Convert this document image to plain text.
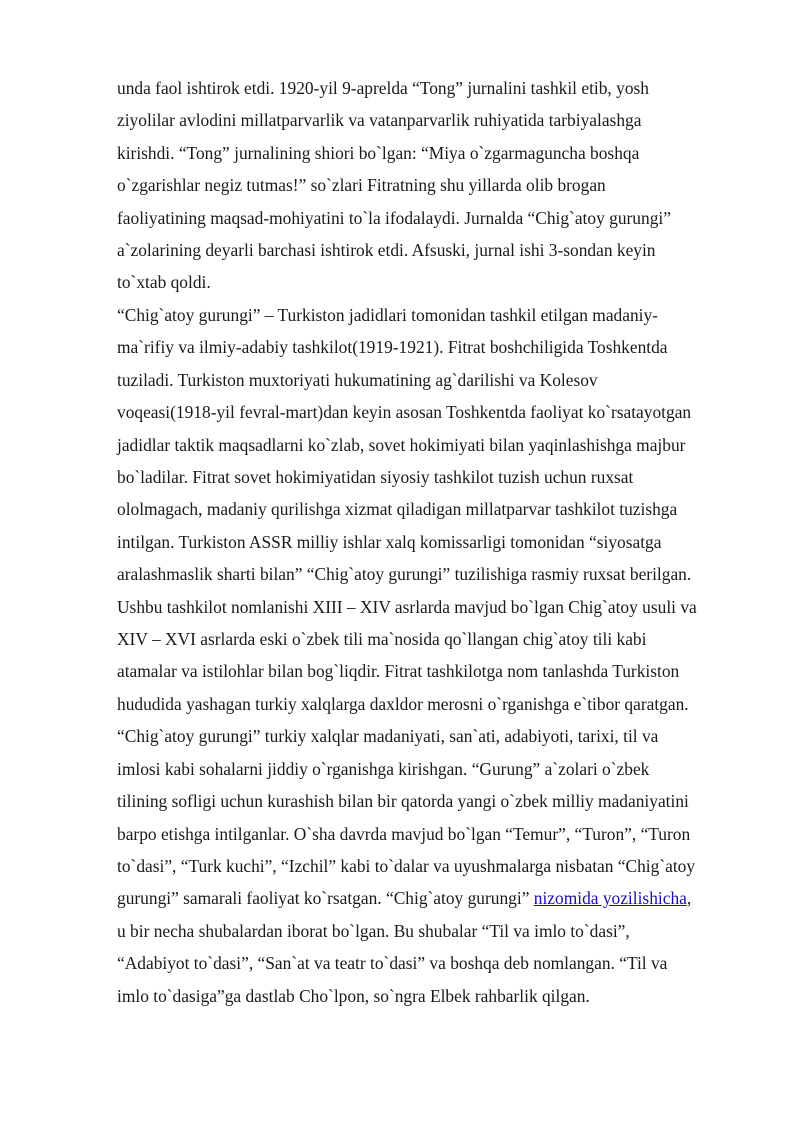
unda faol ishtirok etdi. 1920-yil 9-aprelda “Tong” jurnalini tashkil etib, yosh
ziyolilar avlodini millatparvarlik va vatanparvarlik ruhiyatida tarbiyalashga
kirishdi. “Tong” jurnalining shiori bo`lgan: “Miya o`zgarmaguncha boshqa
o`zgarishlar negiz tutmas!” so`zlari Fitratning shu yillarda olib brogan
faoliyatining maqsad-mohiyatini to`la ifodalaydi. Jurnalda “Chig`atoy gurungi”
a`zolarining deyarli barchasi ishtirok etdi. Afsuski, jurnal ishi 3-sondan keyin
to`xtab qoldi.
“Chig`atoy gurungi” – Turkiston jadidlari tomonidan tashkil etilgan madaniy-
ma`rifiy va ilmiy-adabiy tashkilot(1919-1921). Fitrat boshchiligida Toshkentda
tuziladi. Turkiston muxtoriyati hukumatining ag`darilishi va Kolesov
voqeasi(1918-yil fevral-mart)dan keyin asosan Toshkentda faoliyat ko`rsatayotgan
jadidlar taktik maqsadlarni ko`zlab, sovet hokimiyati bilan yaqinlashishga majbur
bo`ladilar. Fitrat sovet hokimiyatidan siyosiy tashkilot tuzish uchun ruxsat
ololmagach, madaniy qurilishga xizmat qiladigan millatparvar tashkilot tuzishga
intilgan. Turkiston ASSR milliy ishlar xalq komissarligi tomonidan “siyosatga
aralashmaslik sharti bilan” “Chig`atoy gurungi” tuzilishiga rasmiy ruxsat berilgan.
Ushbu tashkilot nomlanishi XIII – XIV asrlarda mavjud bo`lgan Chig`atoy usuli va
XIV – XVI asrlarda eski o`zbek tili ma`nosida qo`llangan chig`atoy tili kabi
atamalar va istilohlar bilan bog`liqdir. Fitrat tashkilotga nom tanlashda Turkiston
hududida yashagan turkiy xalqlarga daxldor merosni o`rganishga e`tibor qaratgan.
“Chig`atoy gurungi” turkiy xalqlar madaniyati, san`ati, adabiyoti, tarixi, til va
imlosi kabi sohalarni jiddiy o`rganishga kirishgan. “Gurung” a`zolari o`zbek
tilining sofligi uchun kurashish bilan bir qatorda yangi o`zbek milliy madaniyatini
barpo etishga intilganlar. O`sha davrda mavjud bo`lgan “Temur”, “Turon”, “Turon
to`dasi”, “Turk kuchi”, “Izchil” kabi to`dalar va uyushmalarga nisbatan “Chig`atoy
gurungi” samarali faoliyat ko`rsatgan. “Chig`atoy gurungi” nizomida yozilishicha,
u bir necha shubalardan iborat bo`lgan. Bu shubalar “Til va imlo to`dasi”,
“Adabiyot to`dasi”, “San`at va teatr to`dasi” va boshqa deb nomlangan. “Til va
imlo to`dasiga”ga dastlab Cho`lpon, so`ngra Elbek rahbarlik qilgan.
